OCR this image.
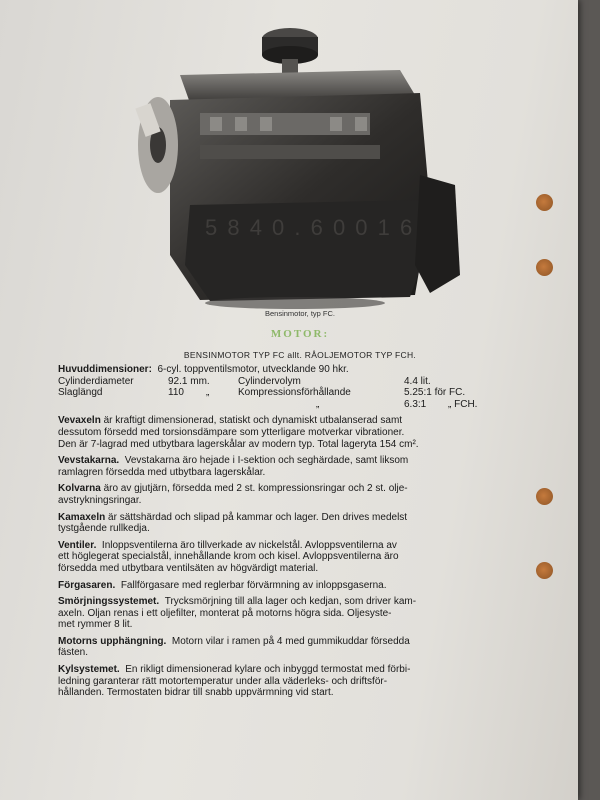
5 8 4 0 . 6 0 0 1 6
Bensinmotor, typ FC.
MOTOR:
BENSINMOTOR TYP FC allt. RÅOLJEMOTOR TYP FCH.
Huvuddimensioner: 6-cyl. toppventilsmotor, utvecklande 90 hkr.
Cylinderdiameter	92.1 mm.	Cylindervolym	4.4 lit.
Slaglängd	110 „	Kompressionsförhållande	5.25:1 för FC.
„	6.3:1 „ FCH.
Vevaxeln är kraftigt dimensionerad, statiskt och dynamiskt utbalanserad samt
dessutom försedd med torsionsdämpare som ytterligare motverkar vibrationer.
Den är 7-lagrad med utbytbara lagerskålar av modern typ. Total lageryta 154 cm².
Vevstakarna. Vevstakarna äro hejade i I-sektion och seghärdade, samt liksom
ramlagren försedda med utbytbara lagerskålar.
Kolvarna äro av gjutjärn, försedda med 2 st. kompressionsringar och 2 st. olje-
avstrykningsringar.
Kamaxeln är sättshärdad och slipad på kammar och lager. Den drives medelst
tystgående rullkedja.
Ventiler. Inloppsventilerna äro tillverkade av nickelstål. Avloppsventilerna av
ett höglegerat specialstål, innehållande krom och kisel. Avloppsventilerna äro
försedda med utbytbara ventilsäten av högvärdigt material.
Förgasaren. Fallförgasare med reglerbar förvärmning av inloppsgaserna.
Smörjningssystemet. Trycksmörjning till alla lager och kedjan, som driver kam-
axeln. Oljan renas i ett oljefilter, monterat på motorns högra sida. Oljesyste-
met rymmer 8 lit.
Motorns upphängning. Motorn vilar i ramen på 4 med gummikuddar försedda
fästen.
Kylsystemet. En rikligt dimensionerad kylare och inbyggd termostat med förbi-
ledning garanterar rätt motortemperatur under alla väderleks- och driftsför-
hållanden. Termostaten bidrar till snabb uppvärmning vid start.
